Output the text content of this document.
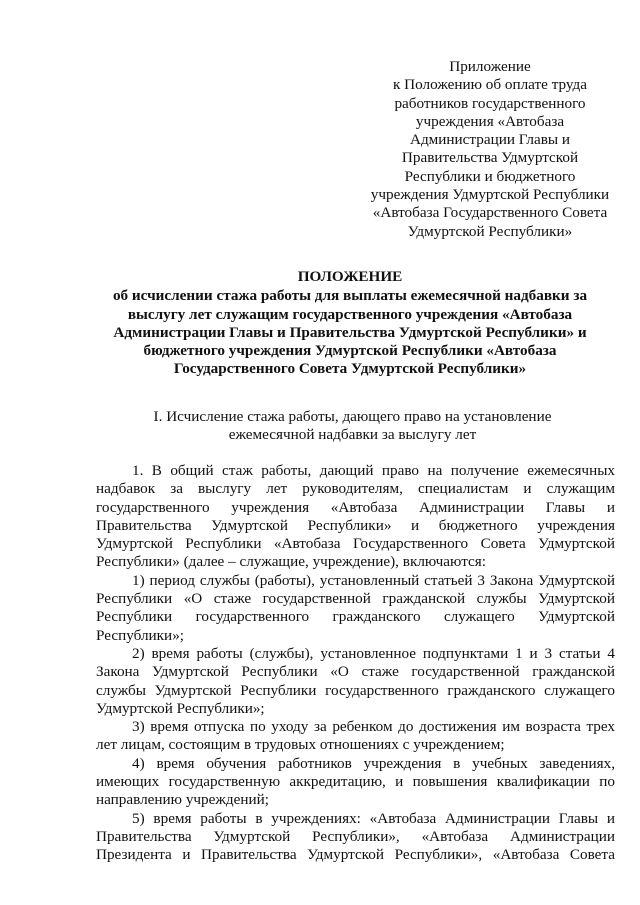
Приложение
к Положению об оплате труда
работников государственного
учреждения «Автобаза
Администрации Главы и
Правительства Удмуртской
Республики и бюджетного
учреждения Удмуртской Республики
«Автобаза Государственного Совета
Удмуртской Республики»
ПОЛОЖЕНИЕ
об исчислении стажа работы для выплаты ежемесячной надбавки за
выслугу лет служащим государственного учреждения «Автобаза
Администрации Главы и Правительства Удмуртской Республики» и
бюджетного учреждения Удмуртской Республики «Автобаза
Государственного Совета Удмуртской Республики»
I. Исчисление стажа работы, дающего право на установление
ежемесячной надбавки за выслугу лет
1. В общий стаж работы, дающий право на получение ежемесячных
надбавок за выслугу лет руководителям, специалистам и служащим
государственного учреждения «Автобаза Администрации Главы и
Правительства Удмуртской Республики» и бюджетного учреждения
Удмуртской Республики «Автобаза Государственного Совета Удмуртской
Республики» (далее – служащие, учреждение), включаются:
1) период службы (работы), установленный статьей 3 Закона Удмуртской
Республики «О стаже государственной гражданской службы Удмуртской
Республики государственного гражданского служащего Удмуртской
Республики»;
2) время работы (службы), установленное подпунктами 1 и 3 статьи 4
Закона Удмуртской Республики «О стаже государственной гражданской
службы Удмуртской Республики государственного гражданского служащего
Удмуртской Республики»;
3) время отпуска по уходу за ребенком до достижения им возраста трех
лет лицам, состоящим в трудовых отношениях с учреждением;
4) время обучения работников учреждения в учебных заведениях,
имеющих государственную аккредитацию, и повышения квалификации по
направлению учреждений;
5) время работы в учреждениях: «Автобаза Администрации Главы и
Правительства Удмуртской Республики», «Автобаза Администрации
Президента и Правительства Удмуртской Республики», «Автобаза Совета
